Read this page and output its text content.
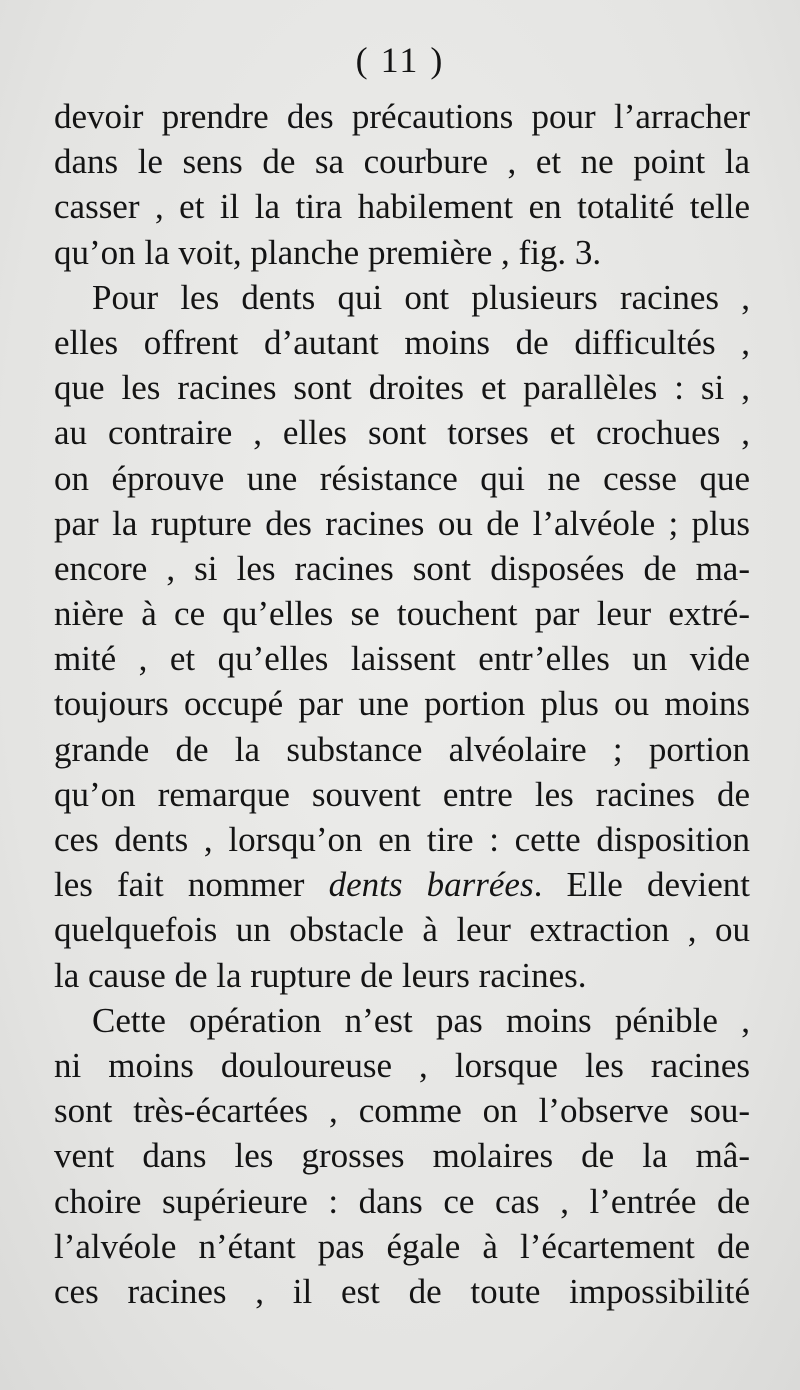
( 11 )
devoir prendre des précautions pour l’arracher
dans le sens de sa courbure , et ne point la
casser , et il la tira habilement en totalité telle
qu’on la voit, planche première , fig. 3.
Pour les dents qui ont plusieurs racines ,
elles offrent d’autant moins de difficultés ,
que les racines sont droites et parallèles : si ,
au contraire , elles sont torses et crochues ,
on éprouve une résistance qui ne cesse que
par la rupture des racines ou de l’alvéole ; plus
encore , si les racines sont disposées de ma-
nière à ce qu’elles se touchent par leur extré-
mité , et qu’elles laissent entr’elles un vide
toujours occupé par une portion plus ou moins
grande de la substance alvéolaire ; portion
qu’on remarque souvent entre les racines de
ces dents , lorsqu’on en tire : cette disposition
les fait nommer dents barrées. Elle devient
quelquefois un obstacle à leur extraction , ou
la cause de la rupture de leurs racines.
Cette opération n’est pas moins pénible ,
ni moins douloureuse , lorsque les racines
sont très-écartées , comme on l’observe sou-
vent dans les grosses molaires de la mâ-
choire supérieure : dans ce cas , l’entrée de
l’alvéole n’étant pas égale à l’écartement de
ces racines , il est de toute impossibilité
